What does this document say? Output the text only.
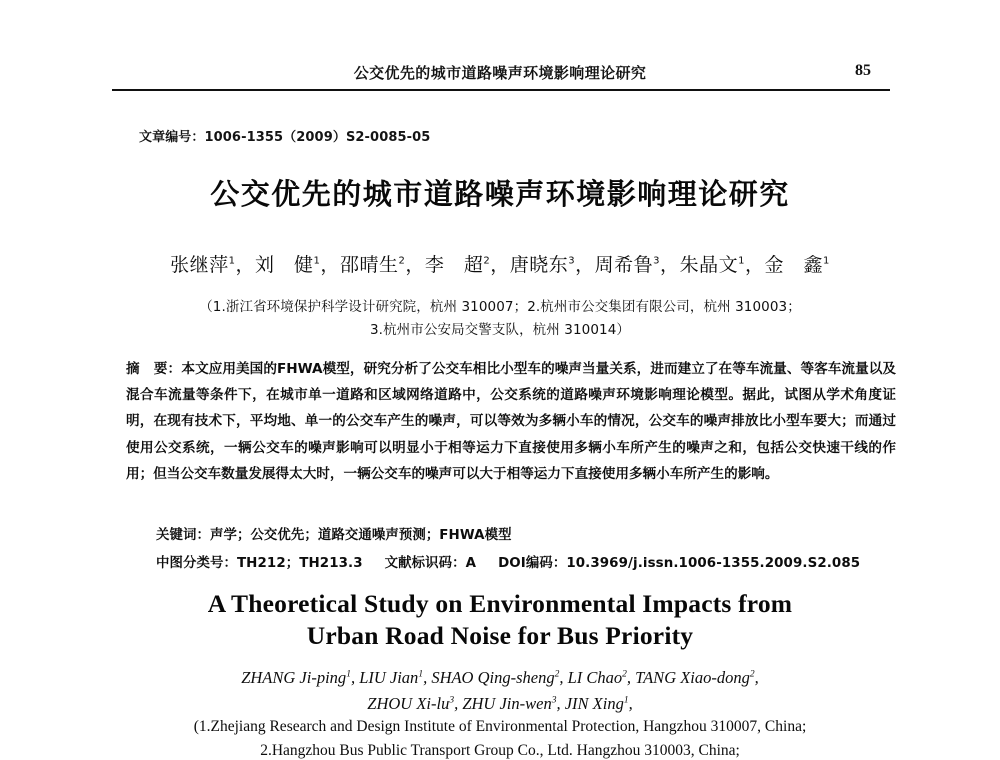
公交优先的城市道路噪声环境影响理论研究	85
文章编号：1006-1355（2009）S2-0085-05
公交优先的城市道路噪声环境影响理论研究
张继萍$^1$，刘　健$^1$，邵晴生$^2$，李　超$^2$，唐晓东$^3$，周希鲁$^3$，朱晶文$^1$，金　鑫$^1$
（1.浙江省环境保护科学设计研究院，杭州 310007；2.杭州市公交集团有限公司，杭州 310003；
3.杭州市公安局交警支队，杭州 310014）
摘　要：本文应用美国的FHWA模型，研究分析了公交车相比小型车的噪声当量关系，进而建立了在等车流量、等客车流量以及混合车流量等条件下，在城市单一道路和区域网络道路中，公交系统的道路噪声环境影响理论模型。据此，试图从学术角度证明，在现有技术下，平均地、单一的公交车产生的噪声，可以等效为多辆小车的情况，公交车的噪声排放比小型车要大；而通过使用公交系统，一辆公交车的噪声影响可以明显小于相等运力下直接使用多辆小车所产生的噪声之和，包括公交快速干线的作用；但当公交车数量发展得太大时，一辆公交车的噪声可以大于相等运力下直接使用多辆小车所产生的影响。
关键词：声学；公交优先；道路交通噪声预测；FHWA模型
中图分类号：TH212；TH213.3 文献标识码：A DOI编码：10.3969/j.issn.1006-1355.2009.S2.085
A Theoretical Study on Environmental Impacts from
Urban Road Noise for Bus Priority
ZHANG Ji-ping$^1$, LIU Jian$^1$, SHAO Qing-sheng$^2$, LI Chao$^2$, TANG Xiao-dong$^2$,
ZHOU $Xi-lu^3$, ZHU Jin-wen$^3$, JIN Xing$^1$,
(1.Zhejiang Research and Design Institute of Environmental Protection, Hangzhou 310007, China;
2.Hangzhou Bus Public Transport Group Co., Ltd. Hangzhou 310003, China;
